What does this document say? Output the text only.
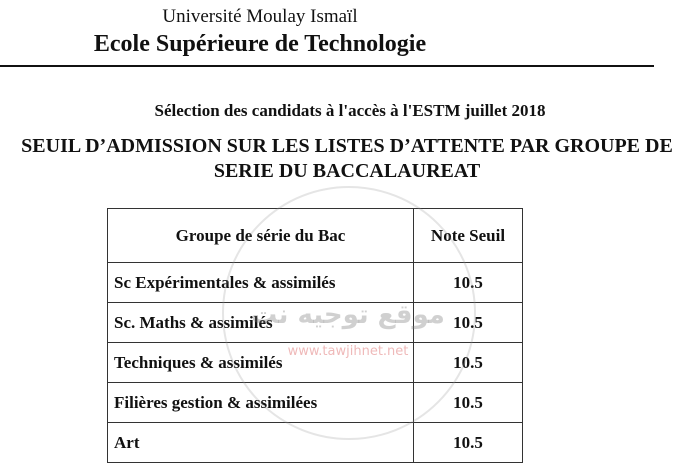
Université Moulay Ismaïl
Ecole Supérieure de Technologie
Sélection des candidats à l'accès à l'ESTM juillet 2018
SEUIL D’ADMISSION SUR LES LISTES D’ATTENTE PAR GROUPE DE
SERIE DU BACCALAUREAT
Groupe de série du Bac	Note Seuil
Sc Expérimentales & assimilés	10.5
Sc. Maths & assimilés	10.5
Techniques & assimilés	10.5
Filières gestion & assimilées	10.5
Art	10.5
موقع توجيه نت
www.tawjihnet.net
